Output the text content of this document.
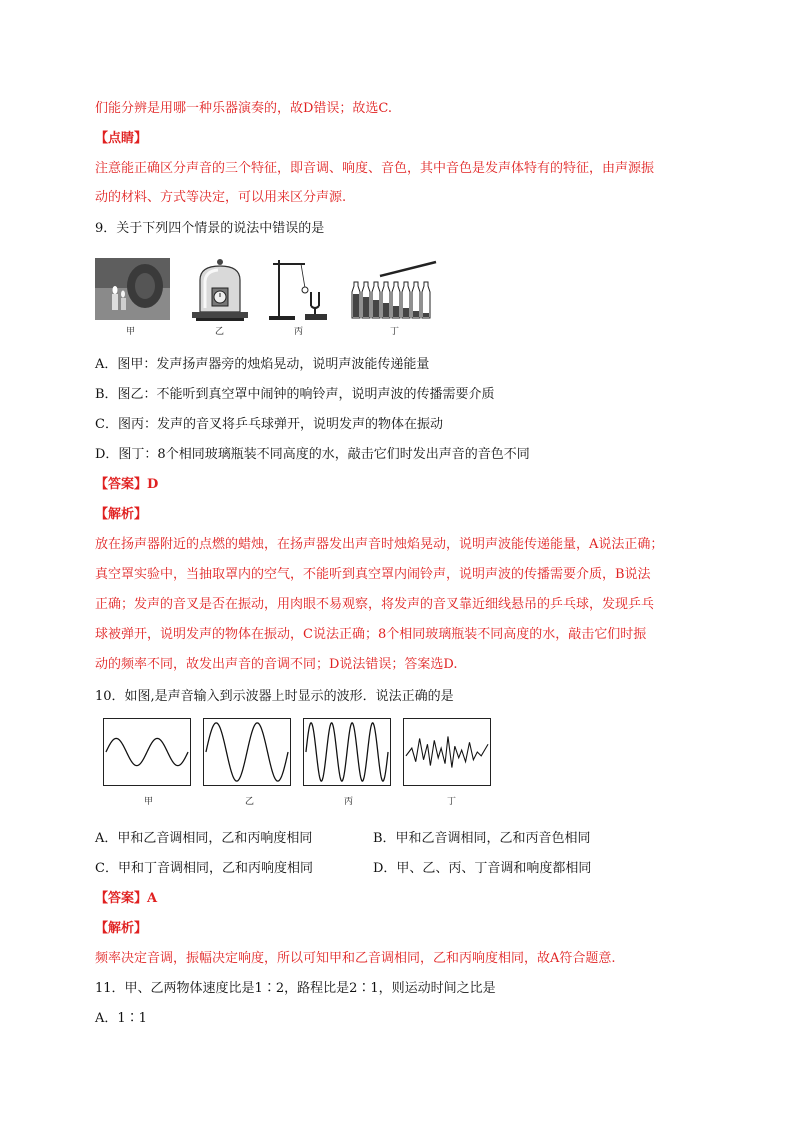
们能分辨是用哪一种乐器演奏的，故D错误；故选C.
【点睛】
注意能正确区分声音的三个特征，即音调、响度、音色，其中音色是发声体特有的特征，由声源振
动的材料、方式等决定，可以用来区分声源.
9．关于下列四个情景的说法中错误的是
甲	乙	丙	丁
A．图甲：发声扬声器旁的烛焰晃动，说明声波能传递能量
B．图乙：不能听到真空罩中闹钟的响铃声，说明声波的传播需要介质
C．图丙：发声的音叉将乒乓球弹开，说明发声的物体在振动
D．图丁：8个相同玻璃瓶装不同高度的水，敲击它们时发出声音的音色不同
【答案】D
【解析】
放在扬声器附近的点燃的蜡烛，在扬声器发出声音时烛焰晃动，说明声波能传递能量，A说法正确；
真空罩实验中，当抽取罩内的空气，不能听到真空罩内闹铃声，说明声波的传播需要介质，B说法
正确；发声的音叉是否在振动，用肉眼不易观察，将发声的音叉靠近细线悬吊的乒乓球，发现乒乓
球被弹开，说明发声的物体在振动，C说法正确；8个相同玻璃瓶装不同高度的水，敲击它们时振
动的频率不同，故发出声音的音调不同；D说法错误；答案选D.
10．如图,是声音输入到示波器上时显示的波形．说法正确的是
甲	乙	丙	丁
A．甲和乙音调相同，乙和丙响度相同	B．甲和乙音调相同，乙和丙音色相同
C．甲和丁音调相同，乙和丙响度相同	D．甲、乙、丙、丁音调和响度都相同
【答案】A
【解析】
频率决定音调，振幅决定响度，所以可知甲和乙音调相同，乙和丙响度相同，故A符合题意.
11．甲、乙两物体速度比是1∶2，路程比是2∶1，则运动时间之比是
A．1∶1
